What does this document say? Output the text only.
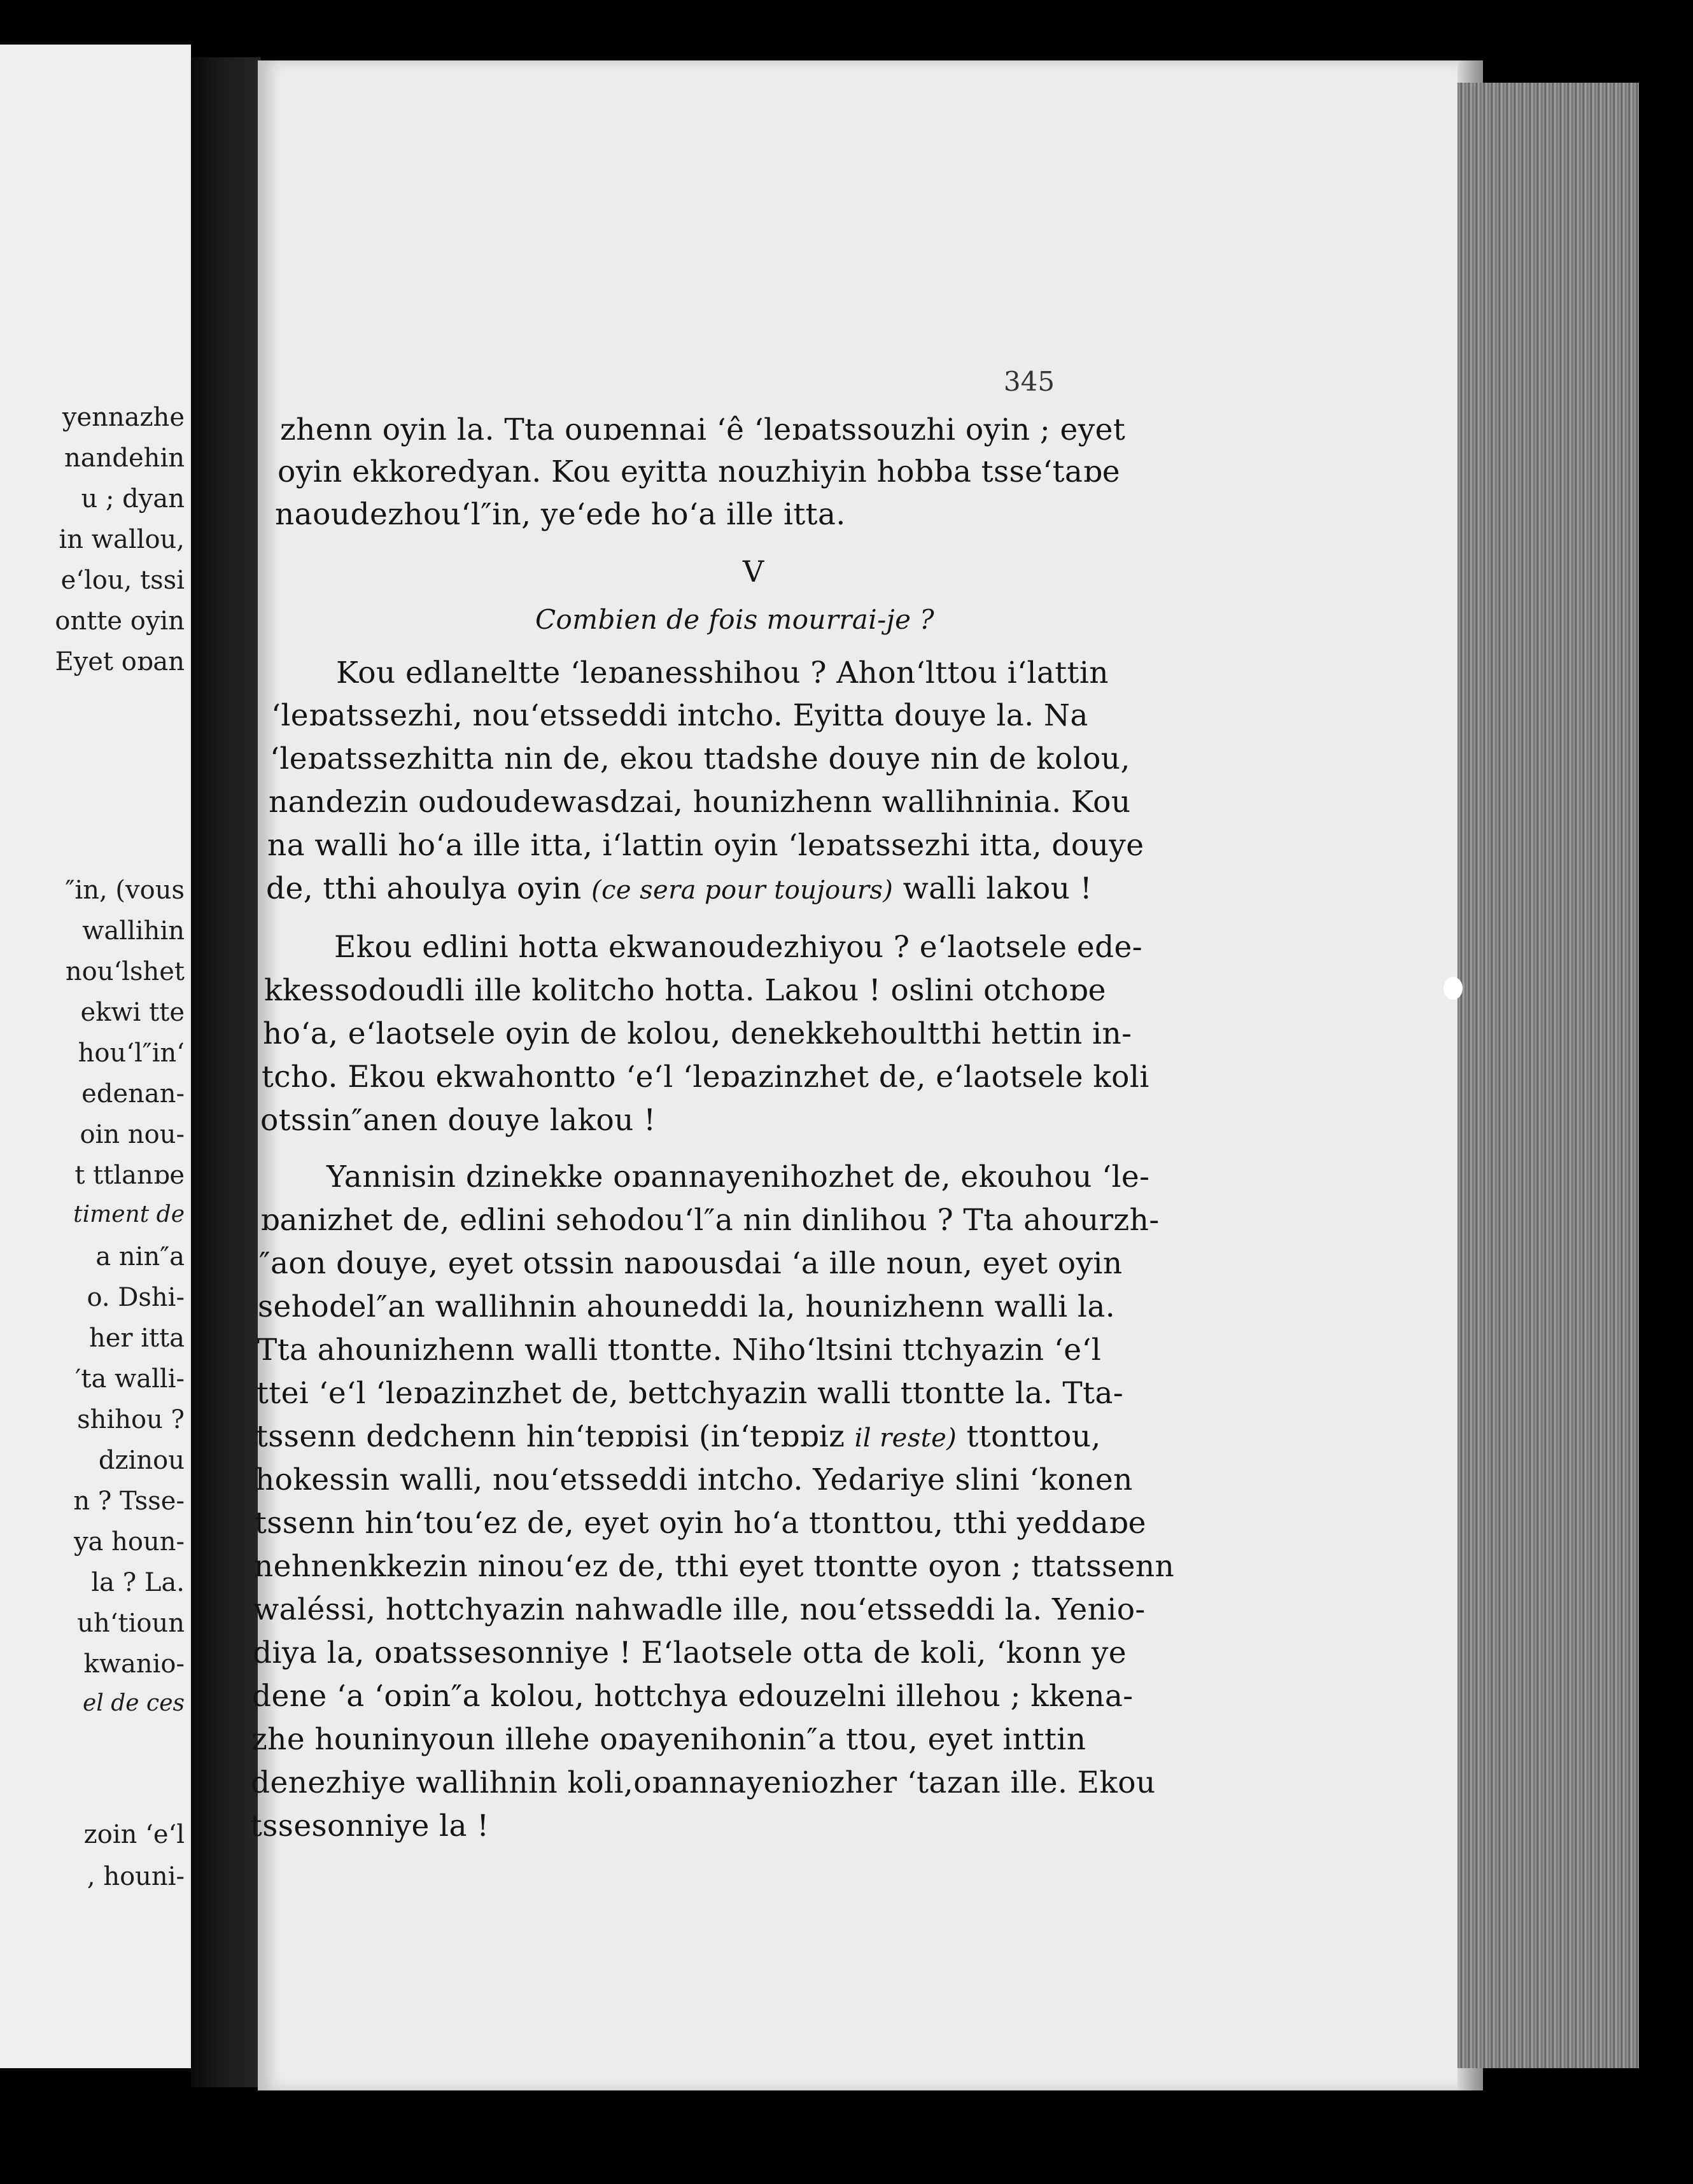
yennazhe
nandehin
u ; dyan
in wallou,
e‘lou, tssi
ontte oyin
Eyet oɒan
″in, (vous
wallihin
nou‘lshet
ekwi tte
hou‘l″in‘
edenan-
oin nou-
t ttlanɒe
timent de
a nin″a
o. Dshi-
her itta
′ta walli-
shihou ?
dzinou
n ? Tsse-
ya houn-
la ? La.
uh‘tioun
kwanio-
el de ces
zoin ‘e‘l
, houni-
345
zhenn oyin la. Tta ouɒennai ‘ê ‘leɒatssouzhi oyin ; eyet
oyin ekkoredyan. Kou eyitta nouzhiyin hobba tsse‘taɒe
naoudezhou‘l″in, ye‘ede ho‘a ille itta.
V
Combien de fois mourrai-je ?
Kou edlaneltte ‘leɒanesshihou ? Ahon‘lttou i‘lattin
‘leɒatssezhi, nou‘etsseddi intcho. Eyitta douye la. Na
‘leɒatssezhitta nin de, ekou ttadshe douye nin de kolou,
nandezin oudoudewasdzai, hounizhenn wallihninia. Kou
na walli ho‘a ille itta, i‘lattin oyin ‘leɒatssezhi itta, douye
de, tthi ahoulya oyin (ce sera pour toujours) walli lakou !
Ekou edlini hotta ekwanoudezhiyou ? e‘laotsele ede-
kkessodoudli ille kolitcho hotta. Lakou ! oslini otchoɒe
ho‘a, e‘laotsele oyin de kolou, denekkehoultthi hettin in-
tcho. Ekou ekwahontto ‘e‘l ‘leɒazinzhet de, e‘laotsele koli
otssin″anen douye lakou !
Yannisin dzinekke oɒannayenihozhet de, ekouhou ‘le-
ɒanizhet de, edlini sehodou‘l″a nin dinlihou ? Tta ahourzh-
″aon douye, eyet otssin naɒousdai ‘a ille noun, eyet oyin
sehodel″an wallihnin ahouneddi la, hounizhenn walli la.
Tta ahounizhenn walli ttontte. Niho‘ltsini ttchyazin ‘e‘l
ttei ‘e‘l ‘leɒazinzhet de, bettchyazin walli ttontte la. Tta-
tssenn dedchenn hin‘teɒɒisi (in‘teɒɒiz il reste) ttonttou,
hokessin walli, nou‘etsseddi intcho. Yedariye slini ‘konen
tssenn hin‘tou‘ez de, eyet oyin ho‘a ttonttou, tthi yeddaɒe
nehnenkkezin ninou‘ez de, tthi eyet ttontte oyon ; ttatssenn
waléssi, hottchyazin nahwadle ille, nou‘etsseddi la. Yenio-
diya la, oɒatssesonniye ! E‘laotsele otta de koli, ‘konn ye
dene ‘a ‘oɒin″a kolou, hottchya edouzelni illehou ; kkena-
zhe houninyoun illehe oɒayenihonin″a ttou, eyet inttin
denezhiye wallihnin koli,oɒannayeniozher ‘tazan ille. Ekou
tssesonniye la !
